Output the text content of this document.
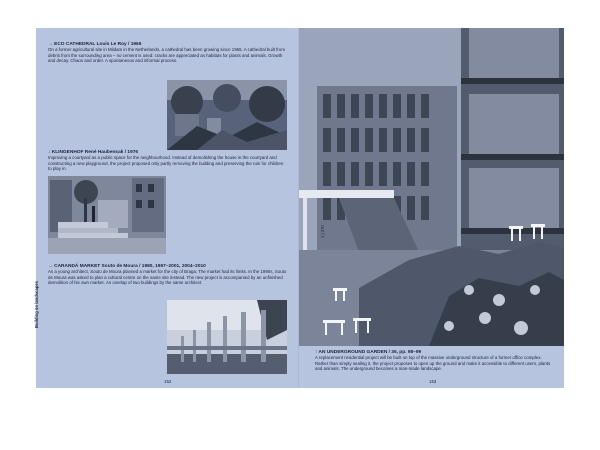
→ ECO CATHEDRAL Louis Le Roy / 1965
On a former agricultural site in Mildam in the Netherlands, a cathedral has been growing since 1965. A cathedral built from debris from the surrounding area – no cement is used: cracks are appreciated as habitats for plants and animals. Growth and decay. Chaos and order. A spontaneous and informal process.
↓ KLINGENHOF René Haubensak / 1976
Improving a courtyard as a public space for the neighbourhood. Instead of demolishing the house in the courtyard and constructing a new playground, the project proposed only partly removing the building and preserving the ruin for children to play in.
→ CARANDÁ MARKET Souto de Moura / 1980, 1997–2001, 2004–2010
As a young architect, Souto de Moura planned a market for the city of Braga. The market had its limits. In the 1990s, Souto de Moura was asked to plan a cultural centre on the same site instead. The new project is accompanied by an unfinished demolition of his own market. An overlap of two buildings by the same architect.
Building on landscapes
152
↑ AN UNDERGROUND GARDEN / 36, pp. 98–99
A replacement residential project will be built on top of the massive underground structure of a former office complex. Rather than simply sealing it, the project proposes to open up the ground and make it accessible to different users, plants and animals. The underground becomes a man-made landscape.
153
1 | 370
